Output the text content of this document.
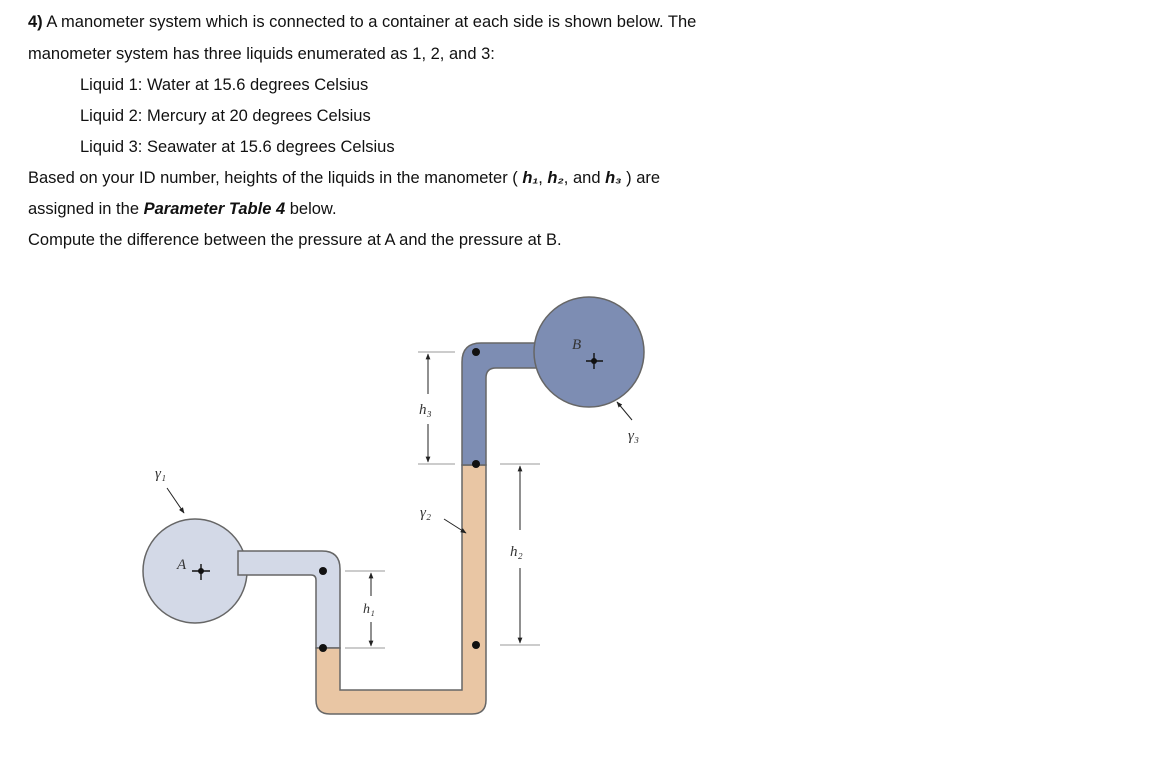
4) A manometer system which is connected to a container at each side is shown below. The
manometer system has three liquids enumerated as 1, 2, and 3:
Liquid 1: Water at 15.6 degrees Celsius
Liquid 2: Mercury at 20 degrees Celsius
Liquid 3: Seawater at 15.6 degrees Celsius
Based on your ID number, heights of the liquids in the manometer ( h₁, h₂, and h₃ ) are
assigned in the Parameter Table 4 below.
Compute the difference between the pressure at A and the pressure at B.
A
B
γ₁
γ₂
γ₃
h₃
h₂
h₁
